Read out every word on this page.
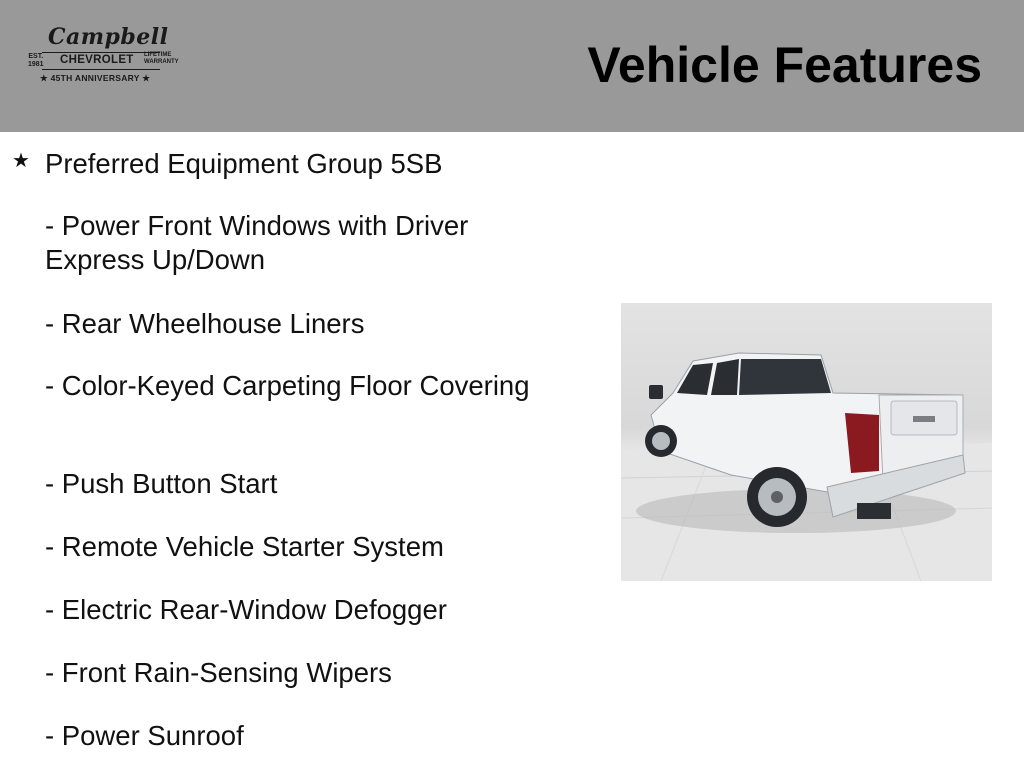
Campbell
EST.
1981 CHEVROLET LIFETIME
WARRANTY
★ 45TH ANNIVERSARY ★	Vehicle Features
★ Preferred Equipment Group 5SB
- Power Front Windows with Driver Express Up/Down
- Rear Wheelhouse Liners
- Color-Keyed Carpeting Floor Covering
- Push Button Start
- Remote Vehicle Starter System
- Electric Rear-Window Defogger
- Front Rain-Sensing Wipers
- Power Sunroof
